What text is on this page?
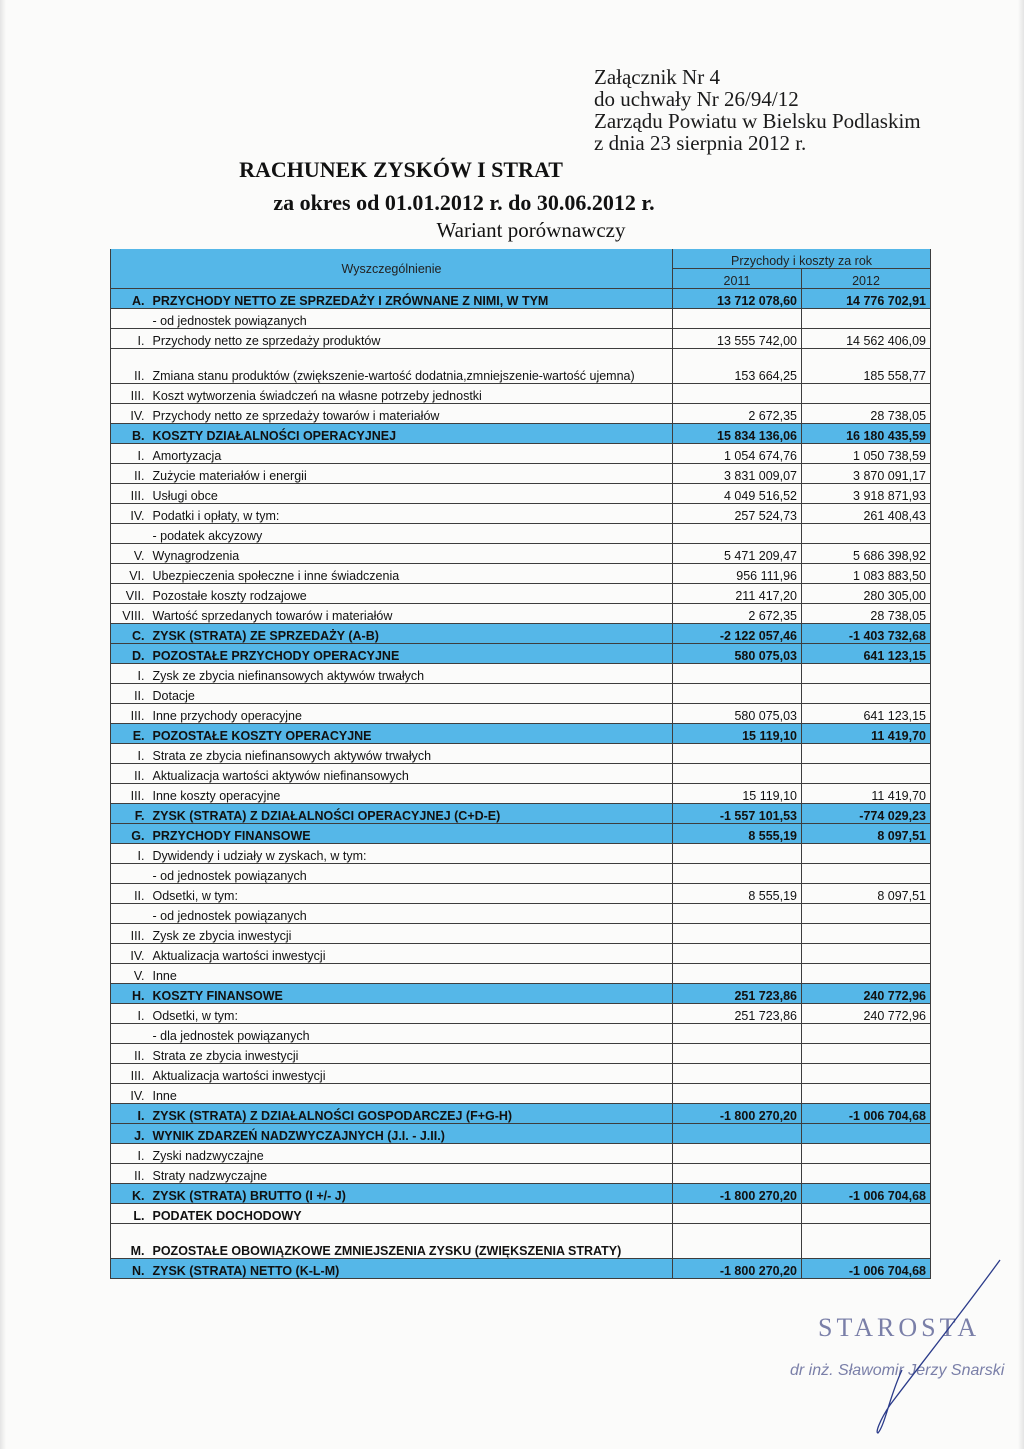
Załącznik Nr 4
do uchwały Nr 26/94/12
Zarządu Powiatu w Bielsku Podlaskim
z dnia 23 sierpnia 2012 r.
RACHUNEK ZYSKÓW I STRAT
za okres od 01.01.2012 r. do 30.06.2012 r.
Wariant porównawczy
Wyszczególnienie		Przychody i koszty za rok	
		2011	2012
A.	PRZYCHODY NETTO ZE SPRZEDAŻY I ZRÓWNANE Z NIMI, W TYM	13 712 078,60	14 776 702,91
	- od jednostek powiązanych		
I.	Przychody netto ze sprzedaży produktów	13 555 742,00	14 562 406,09
II.	Zmiana stanu produktów (zwiększenie-wartość dodatnia,zmniejszenie-wartość ujemna)	153 664,25	185 558,77
III.	Koszt wytworzenia świadczeń na własne potrzeby jednostki		
IV.	Przychody netto ze sprzedaży towarów i materiałów	2 672,35	28 738,05
B.	KOSZTY DZIAŁALNOŚCI OPERACYJNEJ	15 834 136,06	16 180 435,59
I.	Amortyzacja	1 054 674,76	1 050 738,59
II.	Zużycie materiałów i energii	3 831 009,07	3 870 091,17
III.	Usługi obce	4 049 516,52	3 918 871,93
IV.	Podatki i opłaty, w tym:	257 524,73	261 408,43
	- podatek akcyzowy		
V.	Wynagrodzenia	5 471 209,47	5 686 398,92
VI.	Ubezpieczenia społeczne i inne świadczenia	956 111,96	1 083 883,50
VII.	Pozostałe koszty rodzajowe	211 417,20	280 305,00
VIII.	Wartość sprzedanych towarów i materiałów	2 672,35	28 738,05
C.	ZYSK (STRATA) ZE SPRZEDAŻY (A-B)	-2 122 057,46	-1 403 732,68
D.	POZOSTAŁE PRZYCHODY OPERACYJNE	580 075,03	641 123,15
I.	Zysk ze zbycia niefinansowych aktywów trwałych		
II.	Dotacje		
III.	Inne przychody operacyjne	580 075,03	641 123,15
E.	POZOSTAŁE KOSZTY OPERACYJNE	15 119,10	11 419,70
I.	Strata ze zbycia niefinansowych aktywów trwałych		
II.	Aktualizacja wartości aktywów niefinansowych		
III.	Inne koszty operacyjne	15 119,10	11 419,70
F.	ZYSK (STRATA) Z DZIAŁALNOŚCI OPERACYJNEJ (C+D-E)	-1 557 101,53	-774 029,23
G.	PRZYCHODY FINANSOWE	8 555,19	8 097,51
I.	Dywidendy i udziały w zyskach, w tym:		
	- od jednostek powiązanych		
II.	Odsetki, w tym:	8 555,19	8 097,51
	- od jednostek powiązanych		
III.	Zysk ze zbycia inwestycji		
IV.	Aktualizacja wartości inwestycji		
V.	Inne		
H.	KOSZTY FINANSOWE	251 723,86	240 772,96
I.	Odsetki, w tym:	251 723,86	240 772,96
	- dla jednostek powiązanych		
II.	Strata ze zbycia inwestycji		
III.	Aktualizacja wartości inwestycji		
IV.	Inne		
I.	ZYSK (STRATA) Z DZIAŁALNOŚCI GOSPODARCZEJ (F+G-H)	-1 800 270,20	-1 006 704,68
J.	WYNIK ZDARZEŃ NADZWYCZAJNYCH (J.I. - J.II.)		
I.	Zyski nadzwyczajne		
II.	Straty nadzwyczajne		
K.	ZYSK (STRATA) BRUTTO (I +/- J)	-1 800 270,20	-1 006 704,68
L.	PODATEK DOCHODOWY		
M.	POZOSTAŁE OBOWIĄZKOWE ZMNIEJSZENIA ZYSKU (ZWIĘKSZENIA STRATY)		
N.	ZYSK (STRATA) NETTO (K-L-M)	-1 800 270,20	-1 006 704,68
STAROSTA
dr inż. Sławomir Jerzy Snarski
